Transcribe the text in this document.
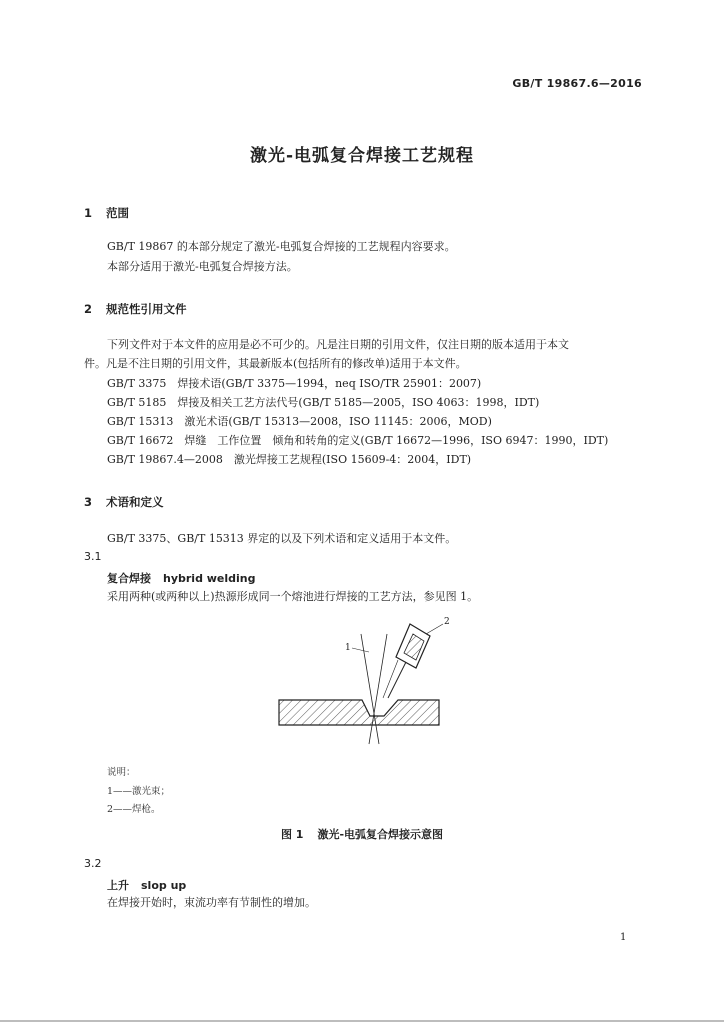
GB/T 19867.6—2016
激光-电弧复合焊接工艺规程
1 范围
GB/T 19867 的本部分规定了激光-电弧复合焊接的工艺规程内容要求。
本部分适用于激光-电弧复合焊接方法。
2 规范性引用文件
下列文件对于本文件的应用是必不可少的。凡是注日期的引用文件，仅注日期的版本适用于本文
件。凡是不注日期的引用文件，其最新版本(包括所有的修改单)适用于本文件。
GB/T 3375　焊接术语(GB/T 3375—1994，neq ISO/TR 25901：2007)
GB/T 5185　焊接及相关工艺方法代号(GB/T 5185—2005，ISO 4063：1998，IDT)
GB/T 15313　激光术语(GB/T 15313—2008，ISO 11145：2006，MOD)
GB/T 16672　焊缝　工作位置　倾角和转角的定义(GB/T 16672—1996，ISO 6947：1990，IDT)
GB/T 19867.4—2008　激光焊接工艺规程(ISO 15609-4：2004，IDT)
3 术语和定义
GB/T 3375、GB/T 15313 界定的以及下列术语和定义适用于本文件。
3.1
复合焊接 hybrid welding
采用两种(或两种以上)热源形成同一个熔池进行焊接的工艺方法，参见图 1。
1
2
说明：
1——激光束；
2——焊枪。
图 1 激光-电弧复合焊接示意图
3.2
上升 slop up
在焊接开始时，束流功率有节制性的增加。
1
